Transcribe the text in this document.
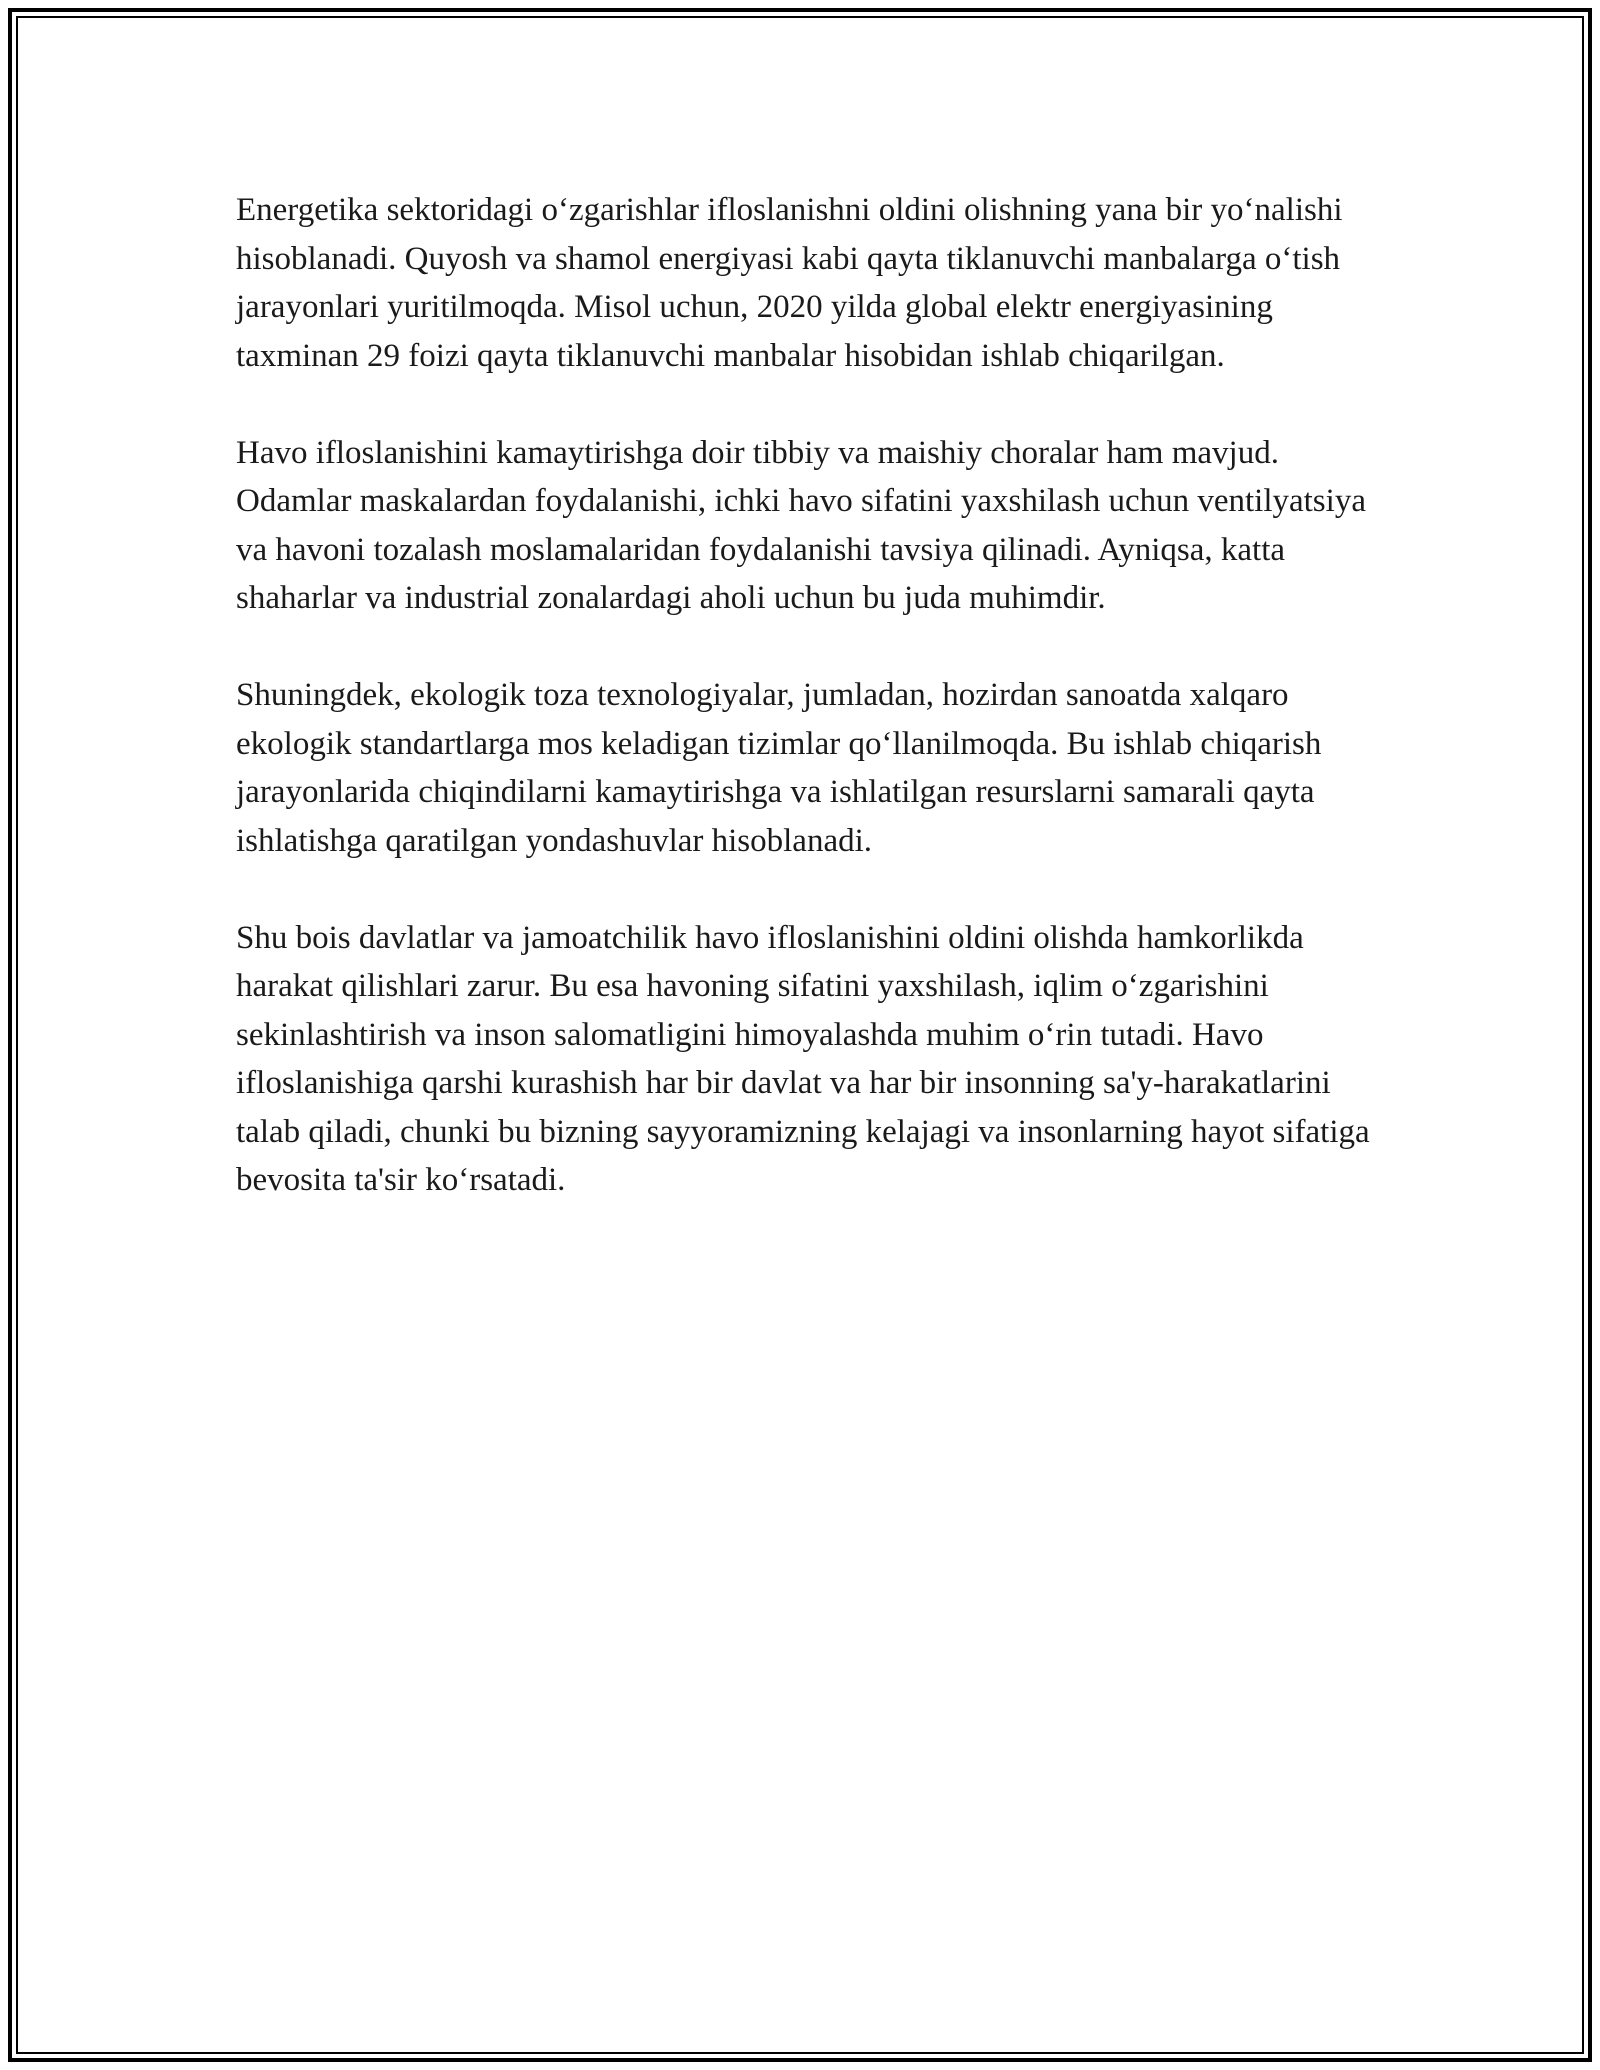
Energetika sektoridagi o‘zgarishlar ifloslanishni oldini olishning yana bir yo‘nalishi hisoblanadi. Quyosh va shamol energiyasi kabi qayta tiklanuvchi manbalarga o‘tish jarayonlari yuritilmoqda. Misol uchun, 2020 yilda global elektr energiyasining taxminan 29 foizi qayta tiklanuvchi manbalar hisobidan ishlab chiqarilgan.

Havo ifloslanishini kamaytirishga doir tibbiy va maishiy choralar ham mavjud. Odamlar maskalardan foydalanishi, ichki havo sifatini yaxshilash uchun ventilyatsiya va havoni tozalash moslamalaridan foydalanishi tavsiya qilinadi. Ayniqsa, katta shaharlar va industrial zonalardagi aholi uchun bu juda muhimdir.

Shuningdek, ekologik toza texnologiyalar, jumladan, hozirdan sanoatda xalqaro ekologik standartlarga mos keladigan tizimlar qo‘llanilmoqda. Bu ishlab chiqarish jarayonlarida chiqindilarni kamaytirishga va ishlatilgan resurslarni samarali qayta ishlatishga qaratilgan yondashuvlar hisoblanadi.

Shu bois davlatlar va jamoatchilik havo ifloslanishini oldini olishda hamkorlikda harakat qilishlari zarur. Bu esa havoning sifatini yaxshilash, iqlim o‘zgarishini sekinlashtirish va inson salomatligini himoyalashda muhim o‘rin tutadi. Havo ifloslanishiga qarshi kurashish har bir davlat va har bir insonning sa'y-harakatlarini talab qiladi, chunki bu bizning sayyoramizning kelajagi va insonlarning hayot sifatiga bevosita ta'sir ko‘rsatadi.
